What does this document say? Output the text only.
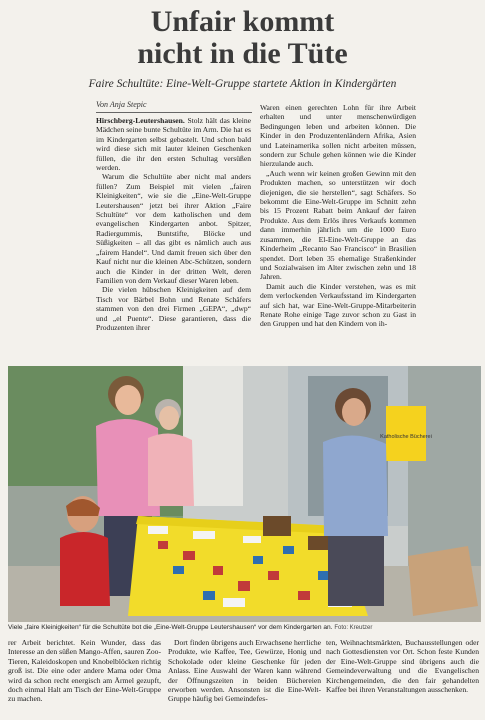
Unfair kommt
nicht in die Tüte
Faire Schultüte: Eine-Welt-Gruppe startete Aktion in Kindergärten
Von Anja Stepic

Hirschberg-Leutershausen. Stolz hält das kleine Mädchen seine bunte Schultüte im Arm. Die hat es im Kindergarten selbst gebastelt. Und schon bald wird diese sich mit lauter kleinen Geschenken füllen, die ihr den ersten Schultag versüßen werden.

Warum die Schultüte aber nicht mal anders füllen? Zum Beispiel mit vielen „fairen Kleinigkeiten“, wie sie die „Eine-Welt-Gruppe Leutershausen“ jetzt bei ihrer Aktion „Faire Schultüte“ vor dem katholischen und dem evangelischen Kindergarten anbot. Spitzer, Radiergummis, Buntstifte, Blöcke und Süßigkeiten – all das gibt es nämlich auch aus „fairem Handel“. Und damit freuen sich über den Kauf nicht nur die kleinen Abc-Schützen, sondern auch die Kinder in der dritten Welt, deren Familien von dem Verkauf dieser Waren leben.

Die vielen hübschen Kleinigkeiten auf dem Tisch vor Bärbel Bohn und Renate Schäfers stammen von den drei Firmen „GEPA“, „dwp“ und „el Puente“. Diese garantieren, dass die Produzenten ihrer

Waren einen gerechten Lohn für ihre Arbeit erhalten und unter menschenwürdigen Bedingungen leben und arbeiten können. Die Kinder in den Produzentenländern Afrika, Asien und Lateinamerika sollen nicht arbeiten müssen, sondern zur Schule gehen können wie die Kinder hierzulande auch.

„Auch wenn wir keinen großen Gewinn mit den Produkten machen, so unterstützen wir doch diejenigen, die sie herstellen“, sagt Schäfers. So bekommt die Eine-Welt-Gruppe im Schnitt zehn bis 15 Prozent Rabatt beim Ankauf der fairen Produkte. Aus dem Erlös ihres Verkaufs kommen dann immerhin jährlich um die 1000 Euro zusammen, die El-Eine-Welt-Gruppe an das Kinderheim „Recanto Sao Francisco“ in Brasilien spendet. Dort leben 35 ehemalige Straßenkinder und Sozialwaisen im Alter zwischen zehn und 18 Jahren.

Damit auch die Kinder verstehen, was es mit dem verlockenden Verkaufsstand im Kindergarten auf sich hat, war Eine-Welt-Gruppe-Mitarbeiterin Renate Rohe einige Tage zuvor schon zu Gast in den Gruppen und hat den Kindern von ih-

Katholische Bücherei
Viele „faire Kleinigkeiten“ für die Schultüte bot die „Eine-Welt-Gruppe Leutershausen“ vor dem Kindergarten an. Foto: Kreutzer

rer Arbeit berichtet. Kein Wunder, dass das Interesse an den süßen Mango-Affen, sauren Zoo-Tieren, Kaleidoskopen und Knobelblöcken richtig groß ist. Die eine oder andere Mama oder Oma wird da schon recht energisch am Ärmel gezupft, doch einmal Halt am Tisch der Eine-Welt-Gruppe zu machen.

Dort finden übrigens auch Erwachsene herrliche Produkte, wie Kaffee, Tee, Gewürze, Honig und Schokolade oder kleine Geschenke für jeden Anlass. Eine Auswahl der Waren kann während der Öffnungszeiten in beiden Büchereien erworben werden. Ansonsten ist die Eine-Welt-Gruppe häufig bei Gemeindefes-

ten, Weihnachtsmärkten, Buchausstellungen oder nach Gottesdiensten vor Ort. Schon feste Kunden der Eine-Welt-Gruppe sind übrigens auch die Gemeindeverwaltung und die Evangelischen Kirchengemeinden, die den fair gehandelten Kaffee bei ihren Veranstaltungen ausschenken.
